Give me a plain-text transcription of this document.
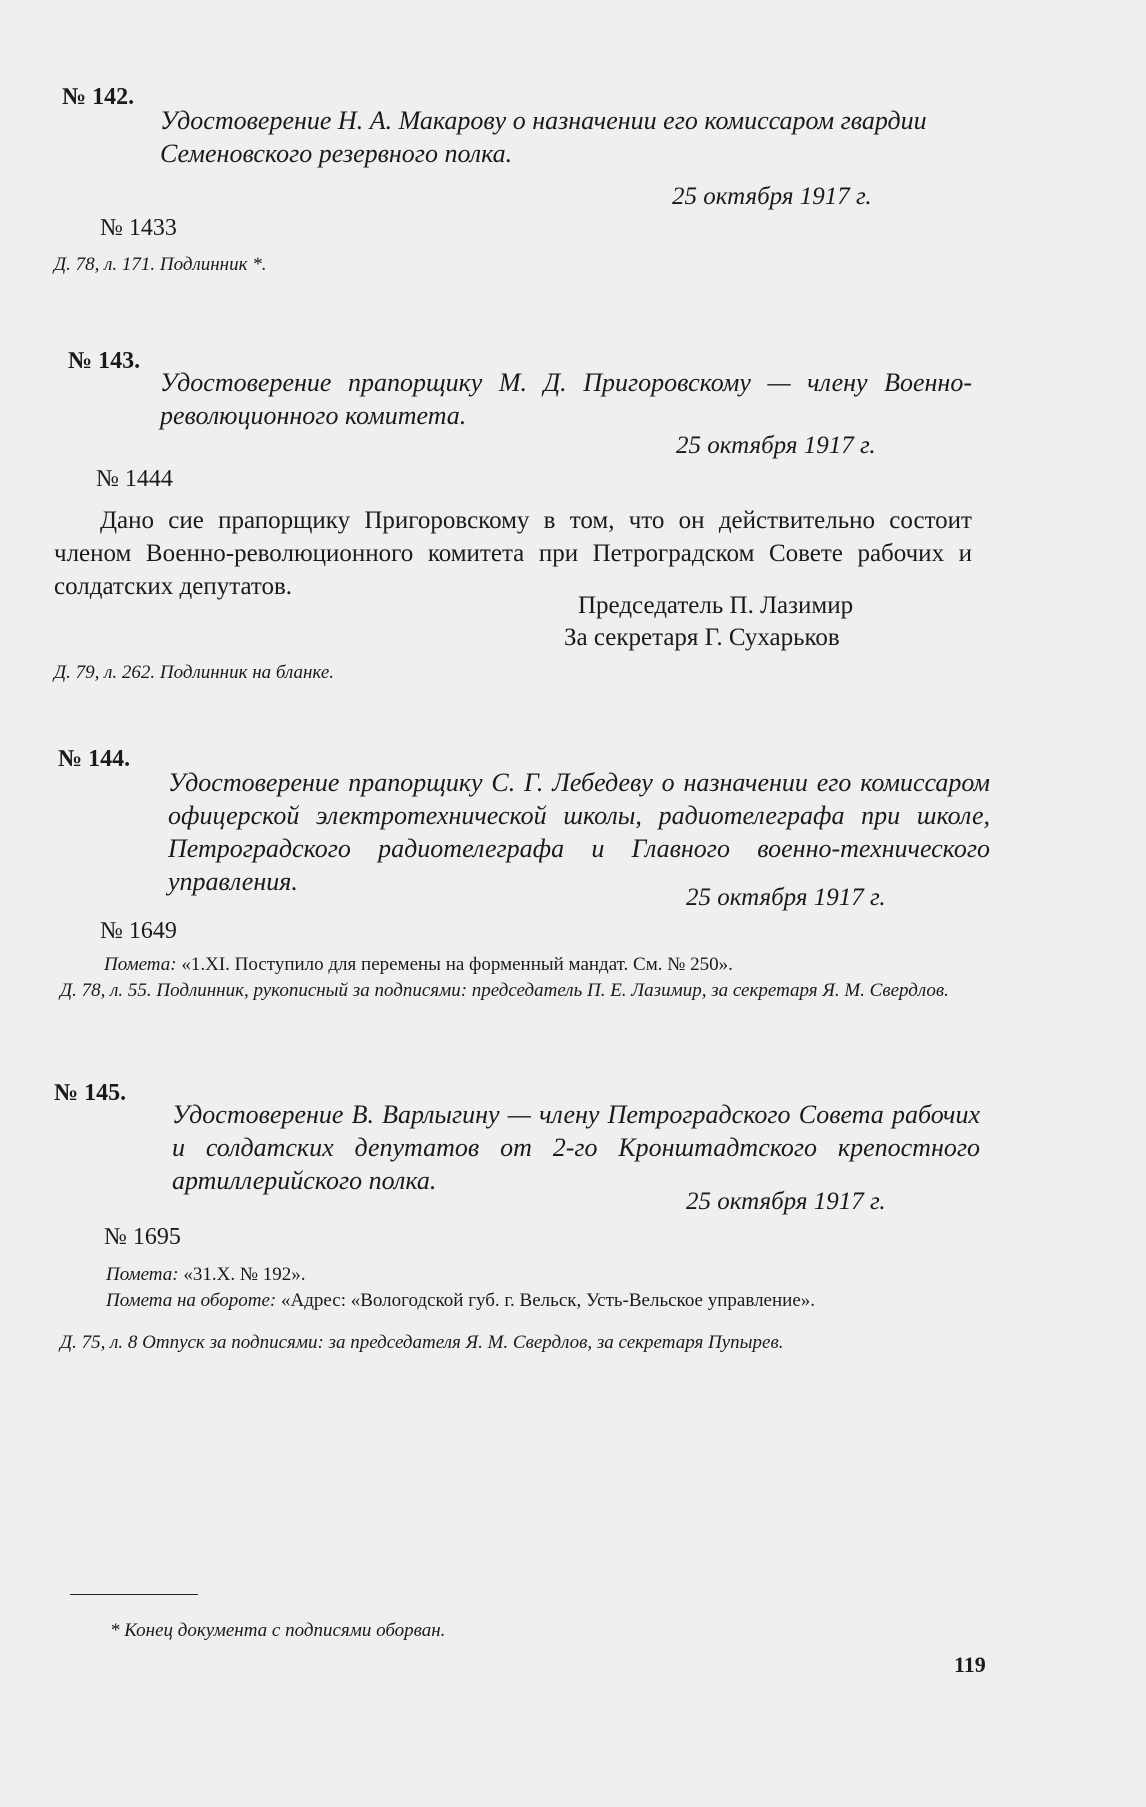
№ 142.
Удостоверение Н. А. Макарову о назначении его комиссаром гвардии Семеновского резервного полка.
25 октября 1917 г.
№ 1433
Д. 78, л. 171. Подлинник *.
№ 143.
Удостоверение прапорщику М. Д. Пригоровскому — члену Военно-революционного комитета.
25 октября 1917 г.
№ 1444
Дано сие прапорщику Пригоровскому в том, что он действительно состоит членом Военно-революционного комитета при Петроградском Совете рабочих и солдатских депутатов.
Председатель П. Лазимир
За секретаря Г. Сухарьков
Д. 79, л. 262. Подлинник на бланке.
№ 144.
Удостоверение прапорщику С. Г. Лебедеву о назначении его комиссаром офицерской электротехнической школы, радиотелеграфа при школе, Петроградского радиотелеграфа и Главного военно-технического управления.
25 октября 1917 г.
№ 1649
Помета: «1.XI. Поступило для перемены на форменный мандат. См. № 250».
Д. 78, л. 55. Подлинник, рукописный за подписями: председатель П. Е. Лазимир, за секретаря Я. М. Свердлов.
№ 145.
Удостоверение В. Варлыгину — члену Петроградского Совета рабочих и солдатских депутатов от 2-го Кронштадтского крепостного артиллерийского полка.
25 октября 1917 г.
№ 1695
Помета: «31.X. № 192».
Помета на обороте: «Адрес: «Вологодской губ. г. Вельск, Усть-Вельское управление».
Д. 75, л. 8 Отпуск за подписями: за председателя Я. М. Свердлов, за секретаря Пупырев.
* Конец документа с подписями оборван.
119
